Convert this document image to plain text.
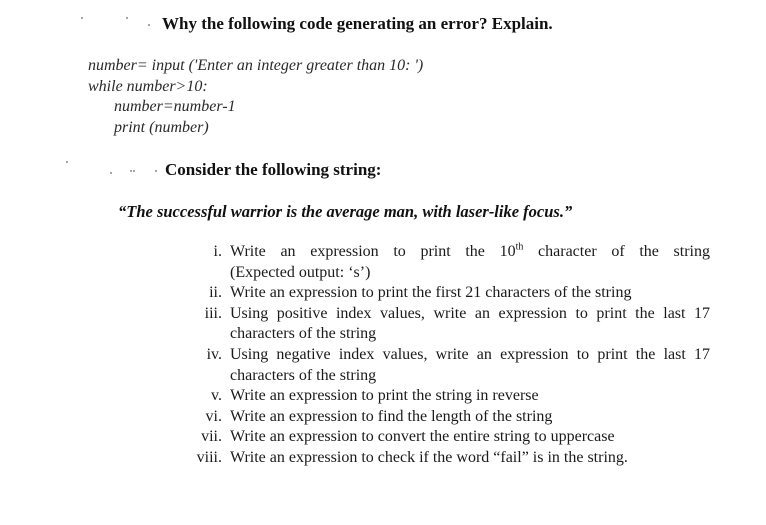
Why the following code generating an error? Explain.
number= input ('Enter an integer greater than 10: ')
while number>10:
number=number-1
print (number)
Consider the following string:
“The successful warrior is the average man, with laser-like focus.”
i. Write an expression to print the 10th character of the string
(Expected output: ‘s’)
ii. Write an expression to print the first 21 characters of the string
iii. Using positive index values, write an expression to print the last 17
characters of the string
iv. Using negative index values, write an expression to print the last 17
characters of the string
v. Write an expression to print the string in reverse
vi. Write an expression to find the length of the string
vii. Write an expression to convert the entire string to uppercase
viii. Write an expression to check if the word “fail” is in the string.
